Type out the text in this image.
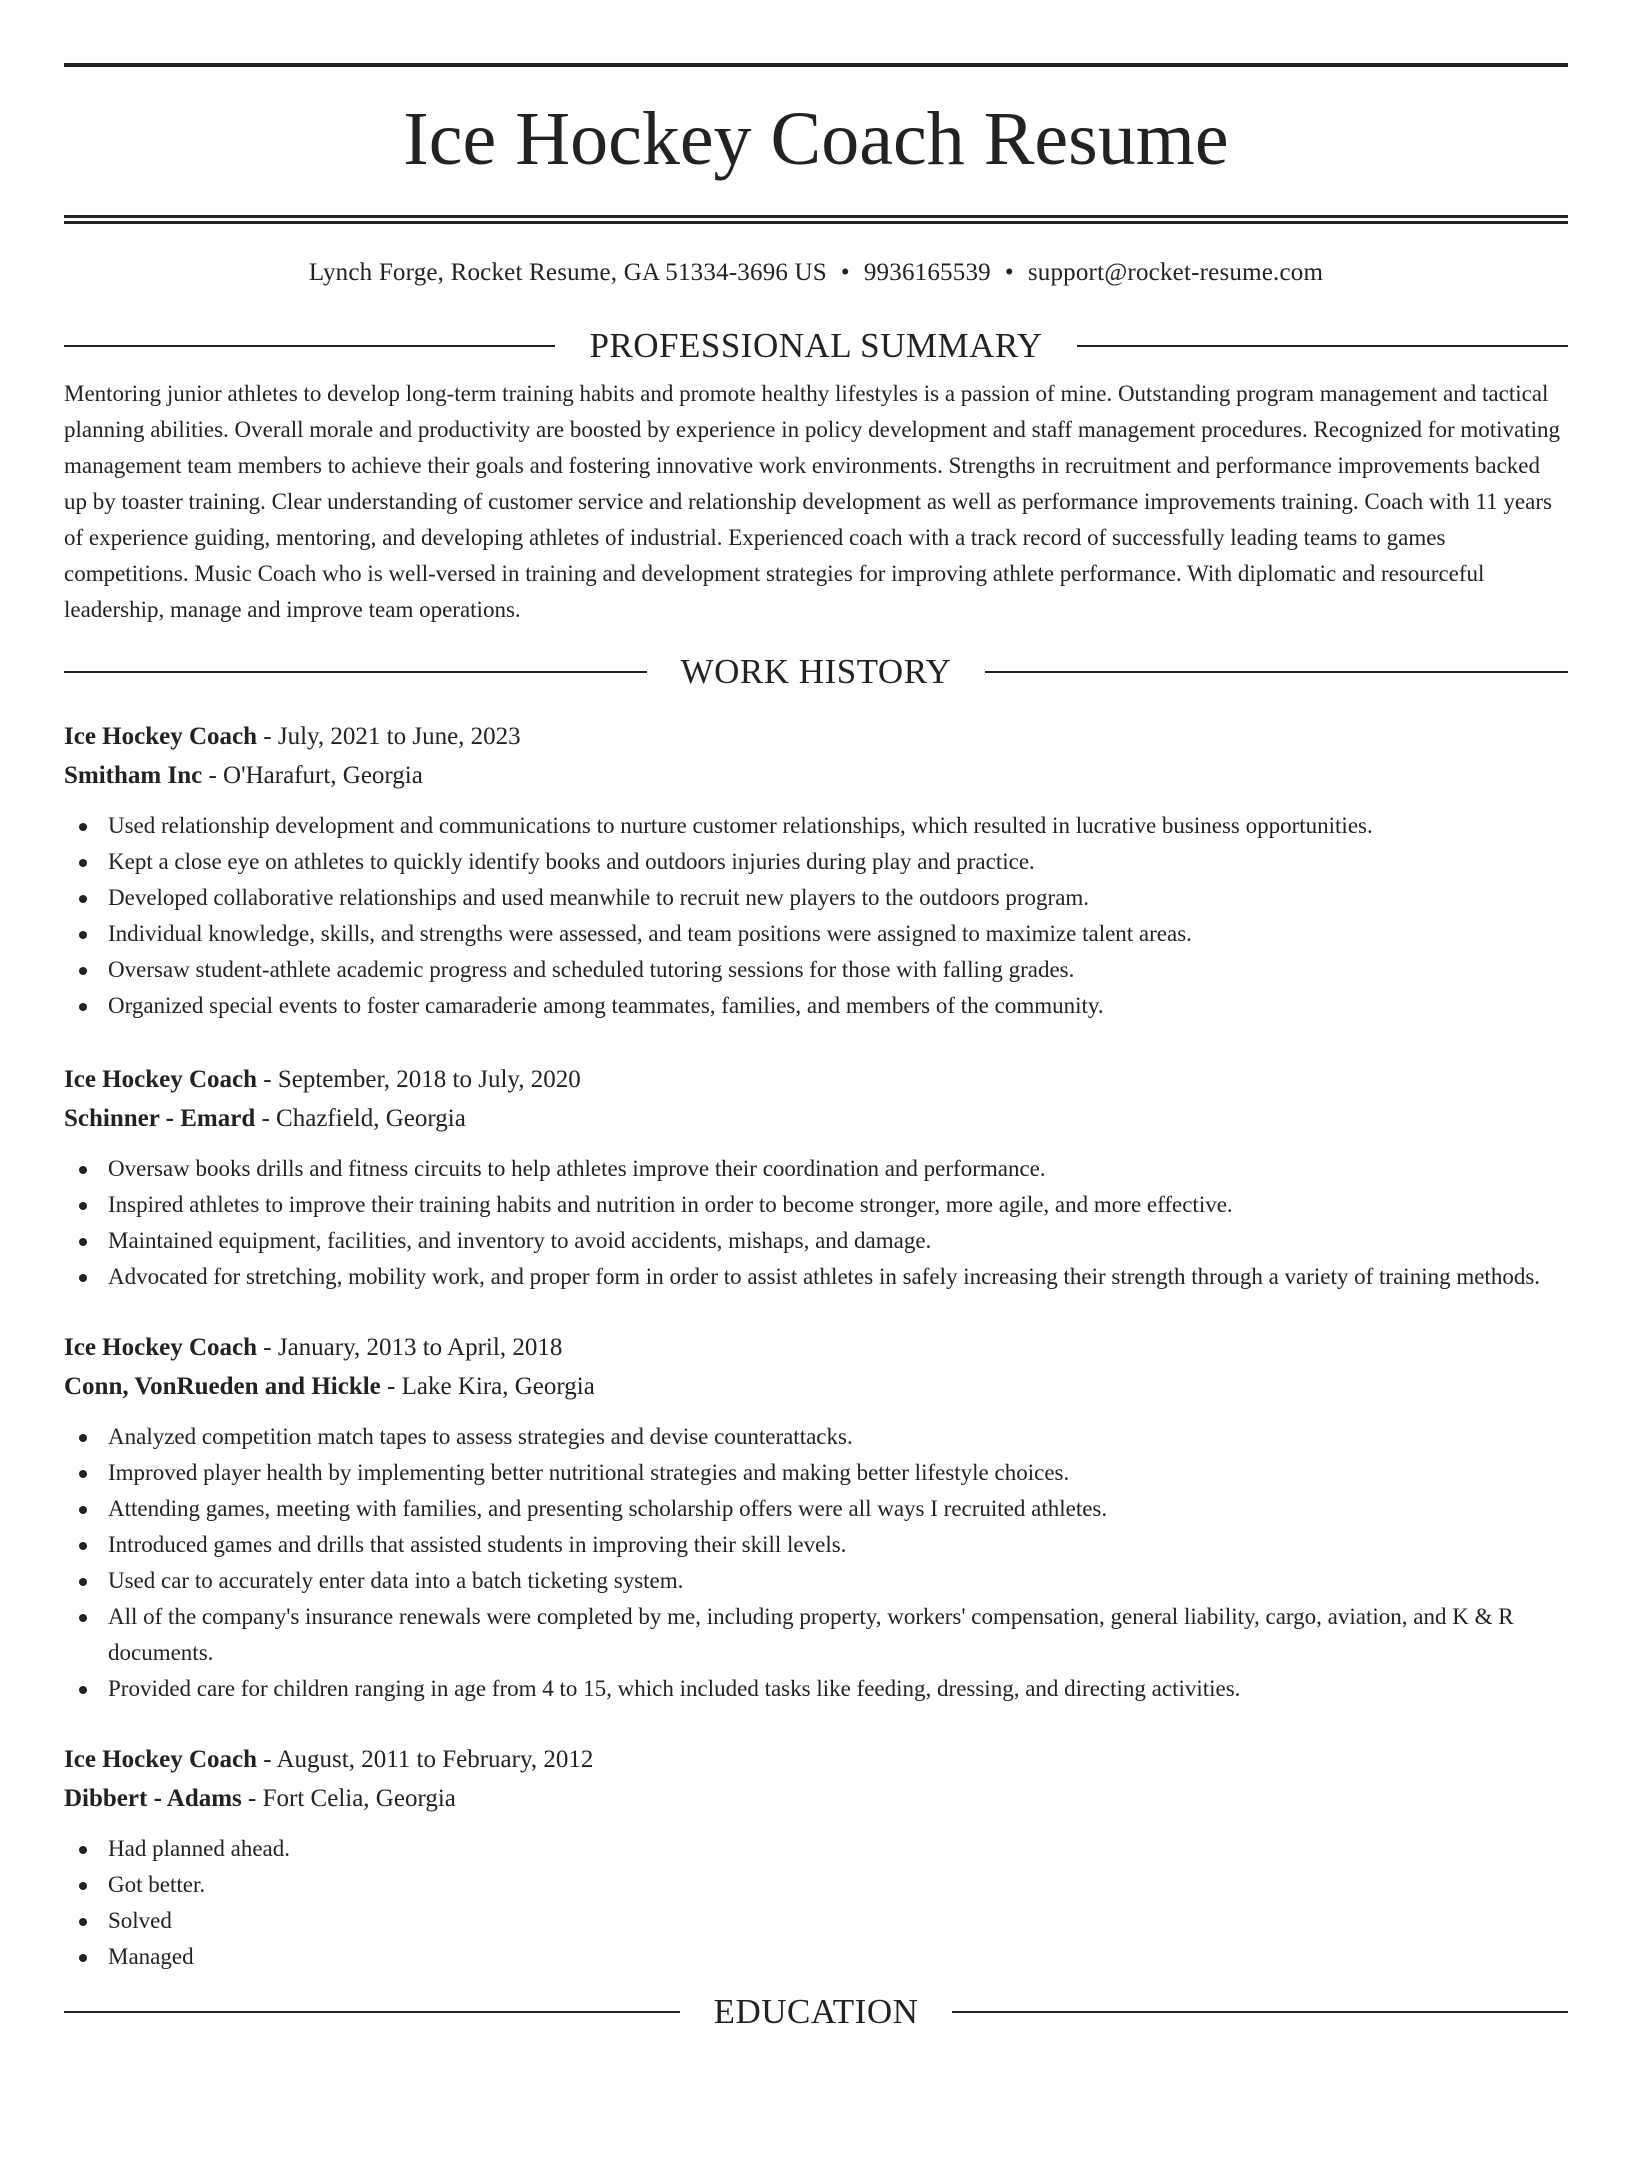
Ice Hockey Coach Resume
Lynch Forge, Rocket Resume, GA 51334-3696 US • 9936165539 • support@rocket-resume.com
PROFESSIONAL SUMMARY
Mentoring junior athletes to develop long-term training habits and promote healthy lifestyles is a passion of mine. Outstanding program management and tactical planning abilities. Overall morale and productivity are boosted by experience in policy development and staff management procedures. Recognized for motivating management team members to achieve their goals and fostering innovative work environments. Strengths in recruitment and performance improvements backed up by toaster training. Clear understanding of customer service and relationship development as well as performance improvements training. Coach with 11 years of experience guiding, mentoring, and developing athletes of industrial. Experienced coach with a track record of successfully leading teams to games competitions. Music Coach who is well-versed in training and development strategies for improving athlete performance. With diplomatic and resourceful leadership, manage and improve team operations.
WORK HISTORY
Ice Hockey Coach - July, 2021 to June, 2023
Smitham Inc - O'Harafurt, Georgia
Used relationship development and communications to nurture customer relationships, which resulted in lucrative business opportunities.
Kept a close eye on athletes to quickly identify books and outdoors injuries during play and practice.
Developed collaborative relationships and used meanwhile to recruit new players to the outdoors program.
Individual knowledge, skills, and strengths were assessed, and team positions were assigned to maximize talent areas.
Oversaw student-athlete academic progress and scheduled tutoring sessions for those with falling grades.
Organized special events to foster camaraderie among teammates, families, and members of the community.
Ice Hockey Coach - September, 2018 to July, 2020
Schinner - Emard - Chazfield, Georgia
Oversaw books drills and fitness circuits to help athletes improve their coordination and performance.
Inspired athletes to improve their training habits and nutrition in order to become stronger, more agile, and more effective.
Maintained equipment, facilities, and inventory to avoid accidents, mishaps, and damage.
Advocated for stretching, mobility work, and proper form in order to assist athletes in safely increasing their strength through a variety of training methods.
Ice Hockey Coach - January, 2013 to April, 2018
Conn, VonRueden and Hickle - Lake Kira, Georgia
Analyzed competition match tapes to assess strategies and devise counterattacks.
Improved player health by implementing better nutritional strategies and making better lifestyle choices.
Attending games, meeting with families, and presenting scholarship offers were all ways I recruited athletes.
Introduced games and drills that assisted students in improving their skill levels.
Used car to accurately enter data into a batch ticketing system.
All of the company's insurance renewals were completed by me, including property, workers' compensation, general liability, cargo, aviation, and K & R documents.
Provided care for children ranging in age from 4 to 15, which included tasks like feeding, dressing, and directing activities.
Ice Hockey Coach - August, 2011 to February, 2012
Dibbert - Adams - Fort Celia, Georgia
Had planned ahead.
Got better.
Solved
Managed
EDUCATION
